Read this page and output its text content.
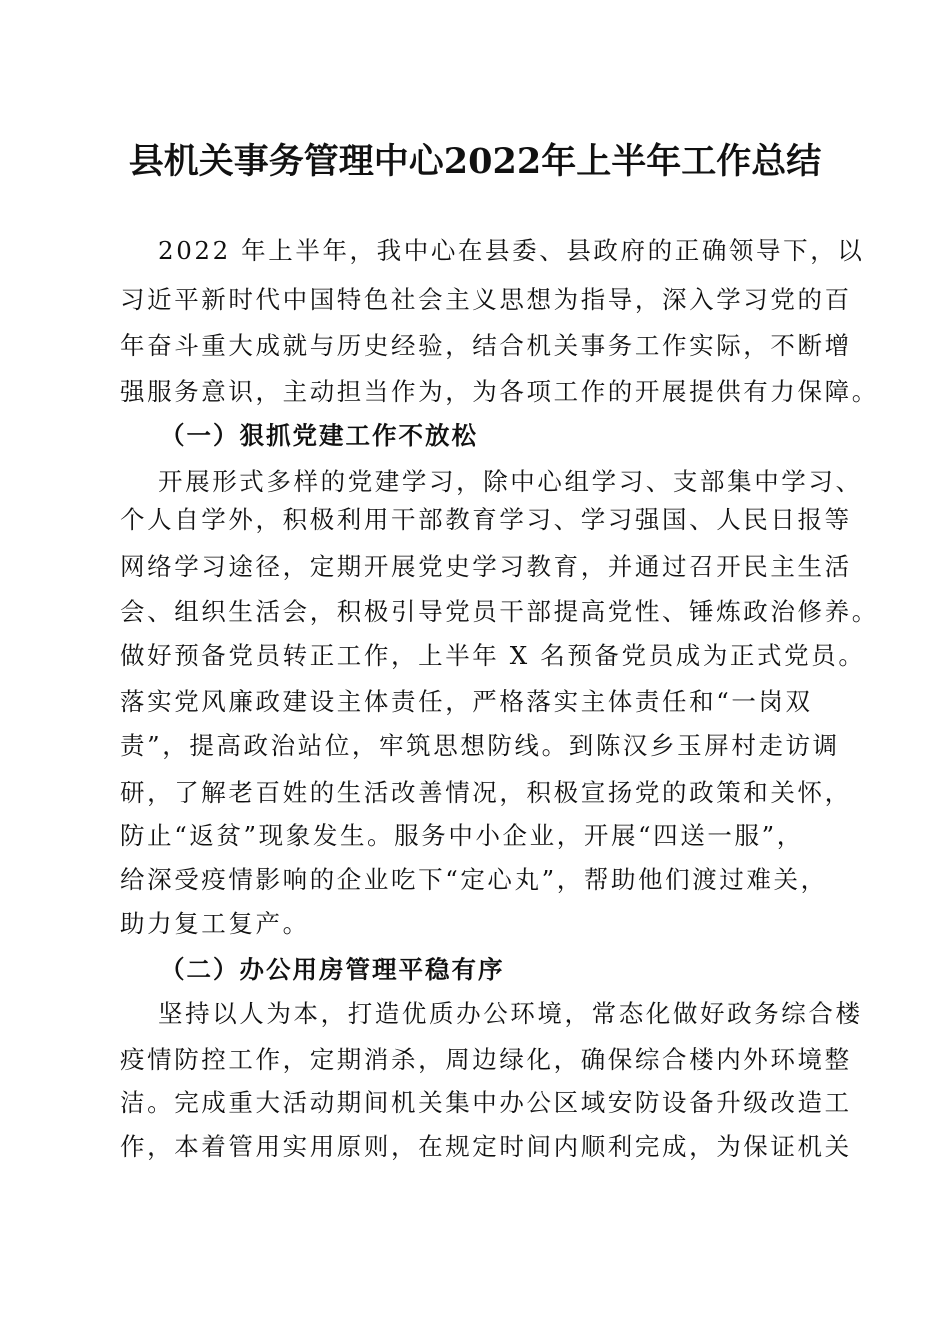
县机关事务管理中心2022年上半年工作总结
2022 年上半年，我中心在县委、县政府的正确领导下，以
习近平新时代中国特色社会主义思想为指导，深入学习党的百
年奋斗重大成就与历史经验，结合机关事务工作实际，不断增
强服务意识，主动担当作为，为各项工作的开展提供有力保障。
（一）狠抓党建工作不放松
开展形式多样的党建学习，除中心组学习、支部集中学习、
个人自学外，积极利用干部教育学习、学习强国、人民日报等
网络学习途径，定期开展党史学习教育，并通过召开民主生活
会、组织生活会，积极引导党员干部提高党性、锤炼政治修养。
做好预备党员转正工作，上半年 X 名预备党员成为正式党员。
落实党风廉政建设主体责任，严格落实主体责任和“一岗双
责”，提高政治站位，牢筑思想防线。到陈汉乡玉屏村走访调
研，了解老百姓的生活改善情况，积极宣扬党的政策和关怀，
防止“返贫”现象发生。服务中小企业，开展“四送一服”，
给深受疫情影响的企业吃下“定心丸”，帮助他们渡过难关，
助力复工复产。
（二）办公用房管理平稳有序
坚持以人为本，打造优质办公环境，常态化做好政务综合楼
疫情防控工作，定期消杀，周边绿化，确保综合楼内外环境整
洁。完成重大活动期间机关集中办公区域安防设备升级改造工
作，本着管用实用原则，在规定时间内顺利完成，为保证机关
